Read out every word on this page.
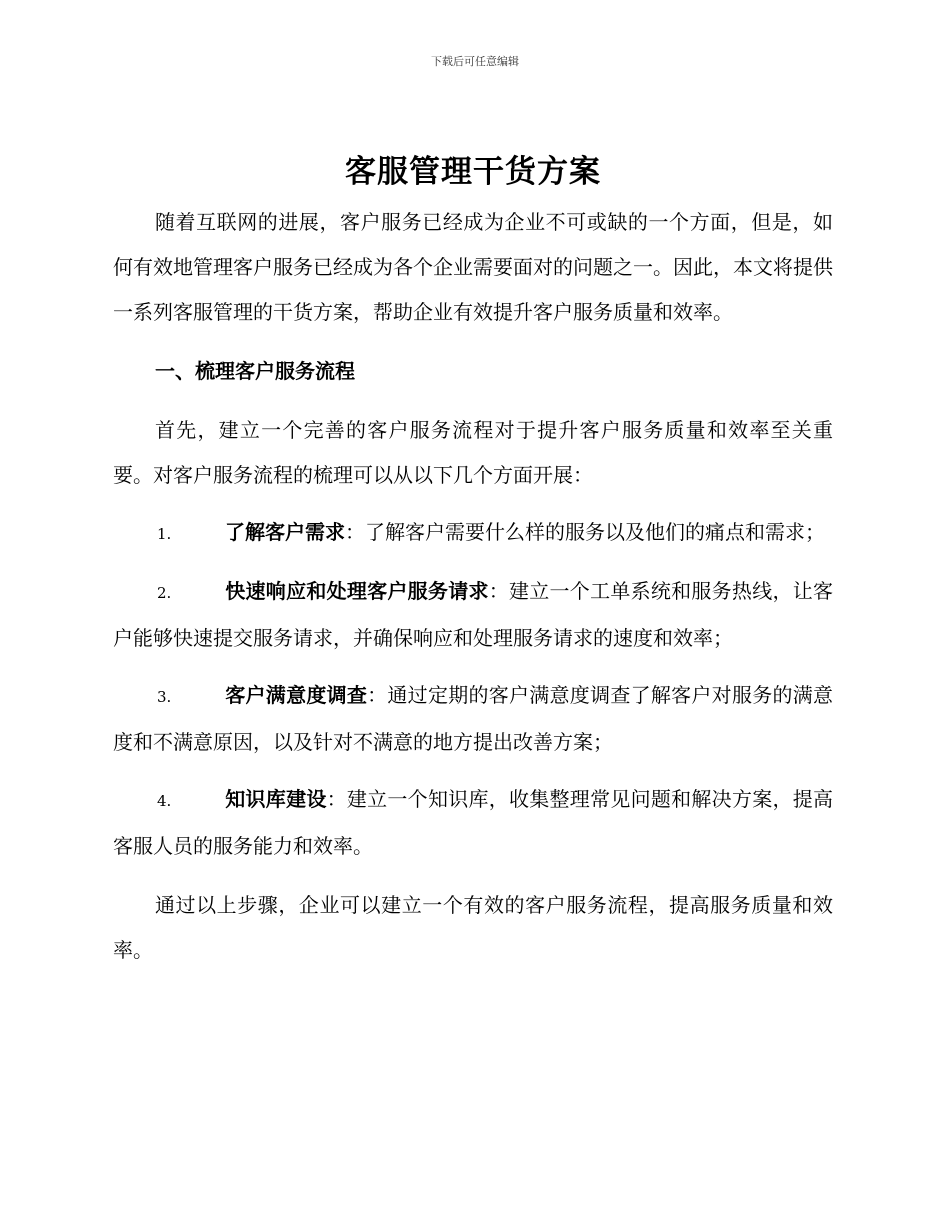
下载后可任意编辑
客服管理干货方案

随着互联网的进展，客户服务已经成为企业不可或缺的一个方面，但是，如何有效地管理客户服务已经成为各个企业需要面对的问题之一。因此，本文将提供一系列客服管理的干货方案，帮助企业有效提升客户服务质量和效率。

一、梳理客户服务流程

首先，建立一个完善的客户服务流程对于提升客户服务质量和效率至关重要。对客户服务流程的梳理可以从以下几个方面开展：

1.	了解客户需求：了解客户需要什么样的服务以及他们的痛点和需求；
2.	快速响应和处理客户服务请求：建立一个工单系统和服务热线，让客户能够快速提交服务请求，并确保响应和处理服务请求的速度和效率；
3.	客户满意度调查：通过定期的客户满意度调查了解客户对服务的满意度和不满意原因，以及针对不满意的地方提出改善方案；
4.	知识库建设：建立一个知识库，收集整理常见问题和解决方案，提高客服人员的服务能力和效率。

通过以上步骤，企业可以建立一个有效的客户服务流程，提高服务质量和效率。
